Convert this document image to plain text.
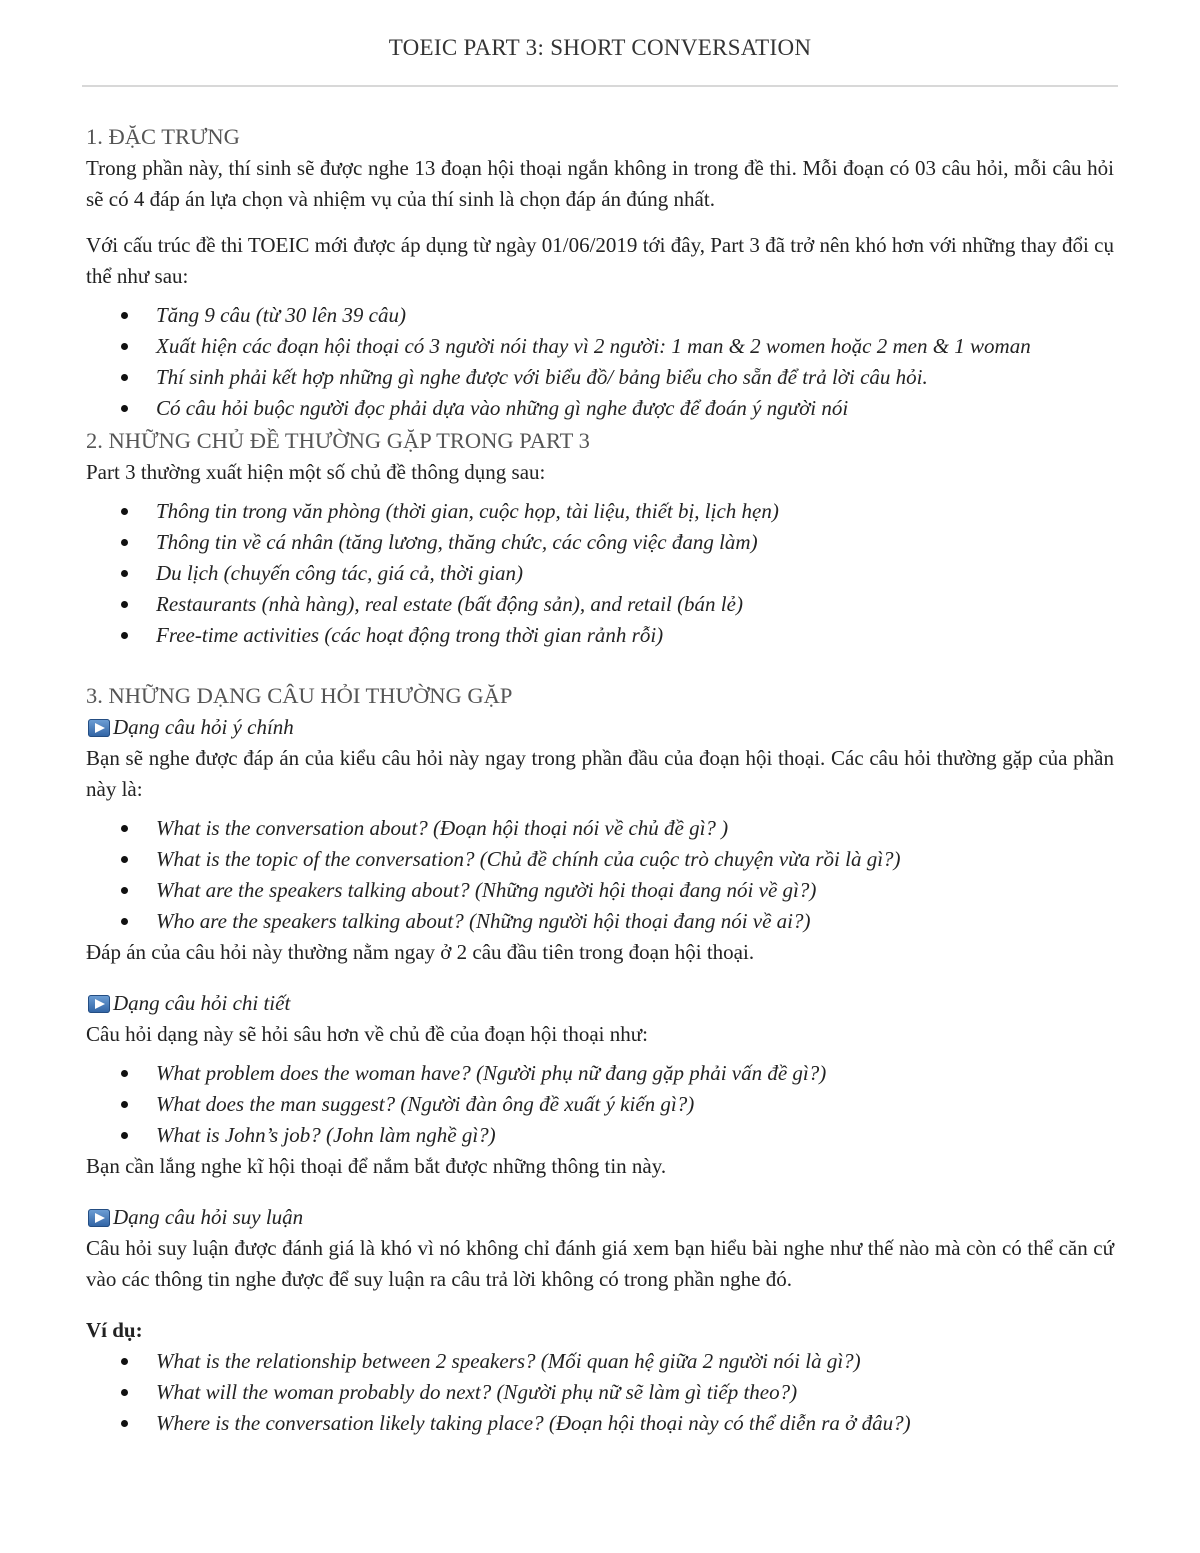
TOEIC PART 3: SHORT CONVERSATION
1. ĐẶC TRƯNG

Trong phần này, thí sinh sẽ được nghe 13 đoạn hội thoại ngắn không in trong đề thi. Mỗi đoạn có 03 câu hỏi, mỗi câu hỏi sẽ có 4 đáp án lựa chọn và nhiệm vụ của thí sinh là chọn đáp án đúng nhất.

Với cấu trúc đề thi TOEIC mới được áp dụng từ ngày 01/06/2019 tới đây, Part 3 đã trở nên khó hơn với những thay đổi cụ thể như sau:

Tăng 9 câu (từ 30 lên 39 câu)
Xuất hiện các đoạn hội thoại có 3 người nói thay vì 2 người: 1 man & 2 women hoặc 2 men & 1 woman
Thí sinh phải kết hợp những gì nghe được với biểu đồ/ bảng biểu cho sẵn để trả lời câu hỏi.
Có câu hỏi buộc người đọc phải dựa vào những gì nghe được để đoán ý người nói
2. NHỮNG CHỦ ĐỀ THƯỜNG GẶP TRONG PART 3

Part 3 thường xuất hiện một số chủ đề thông dụng sau:

Thông tin trong văn phòng (thời gian, cuộc họp, tài liệu, thiết bị, lịch hẹn)
Thông tin về cá nhân (tăng lương, thăng chức, các công việc đang làm)
Du lịch (chuyến công tác, giá cả, thời gian)
Restaurants (nhà hàng), real estate (bất động sản), and retail (bán lẻ)
Free-time activities (các hoạt động trong thời gian rảnh rỗi)
3. NHỮNG DẠNG CÂU HỎI THƯỜNG GẶP
Dạng câu hỏi ý chính

Bạn sẽ nghe được đáp án của kiểu câu hỏi này ngay trong phần đầu của đoạn hội thoại. Các câu hỏi thường gặp của phần này là:

What is the conversation about? (Đoạn hội thoại nói về chủ đề gì? )
What is the topic of the conversation? (Chủ đề chính của cuộc trò chuyện vừa rồi là gì?)
What are the speakers talking about? (Những người hội thoại đang nói về gì?)
Who are the speakers talking about? (Những người hội thoại đang nói về ai?)

Đáp án của câu hỏi này thường nằm ngay ở 2 câu đầu tiên trong đoạn hội thoại.

Dạng câu hỏi chi tiết

Câu hỏi dạng này sẽ hỏi sâu hơn về chủ đề của đoạn hội thoại như:

What problem does the woman have? (Người phụ nữ đang gặp phải vấn đề gì?)
What does the man suggest? (Người đàn ông đề xuất ý kiến gì?)
What is John’s job? (John làm nghề gì?)

Bạn cần lắng nghe kĩ hội thoại để nắm bắt được những thông tin này.

Dạng câu hỏi suy luận

Câu hỏi suy luận được đánh giá là khó vì nó không chỉ đánh giá xem bạn hiểu bài nghe như thế nào mà còn có thể căn cứ vào các thông tin nghe được để suy luận ra câu trả lời không có trong phần nghe đó.

Ví dụ:

What is the relationship between 2 speakers? (Mối quan hệ giữa 2 người nói là gì?)
What will the woman probably do next? (Người phụ nữ sẽ làm gì tiếp theo?)
Where is the conversation likely taking place? (Đoạn hội thoại này có thể diễn ra ở đâu?)
